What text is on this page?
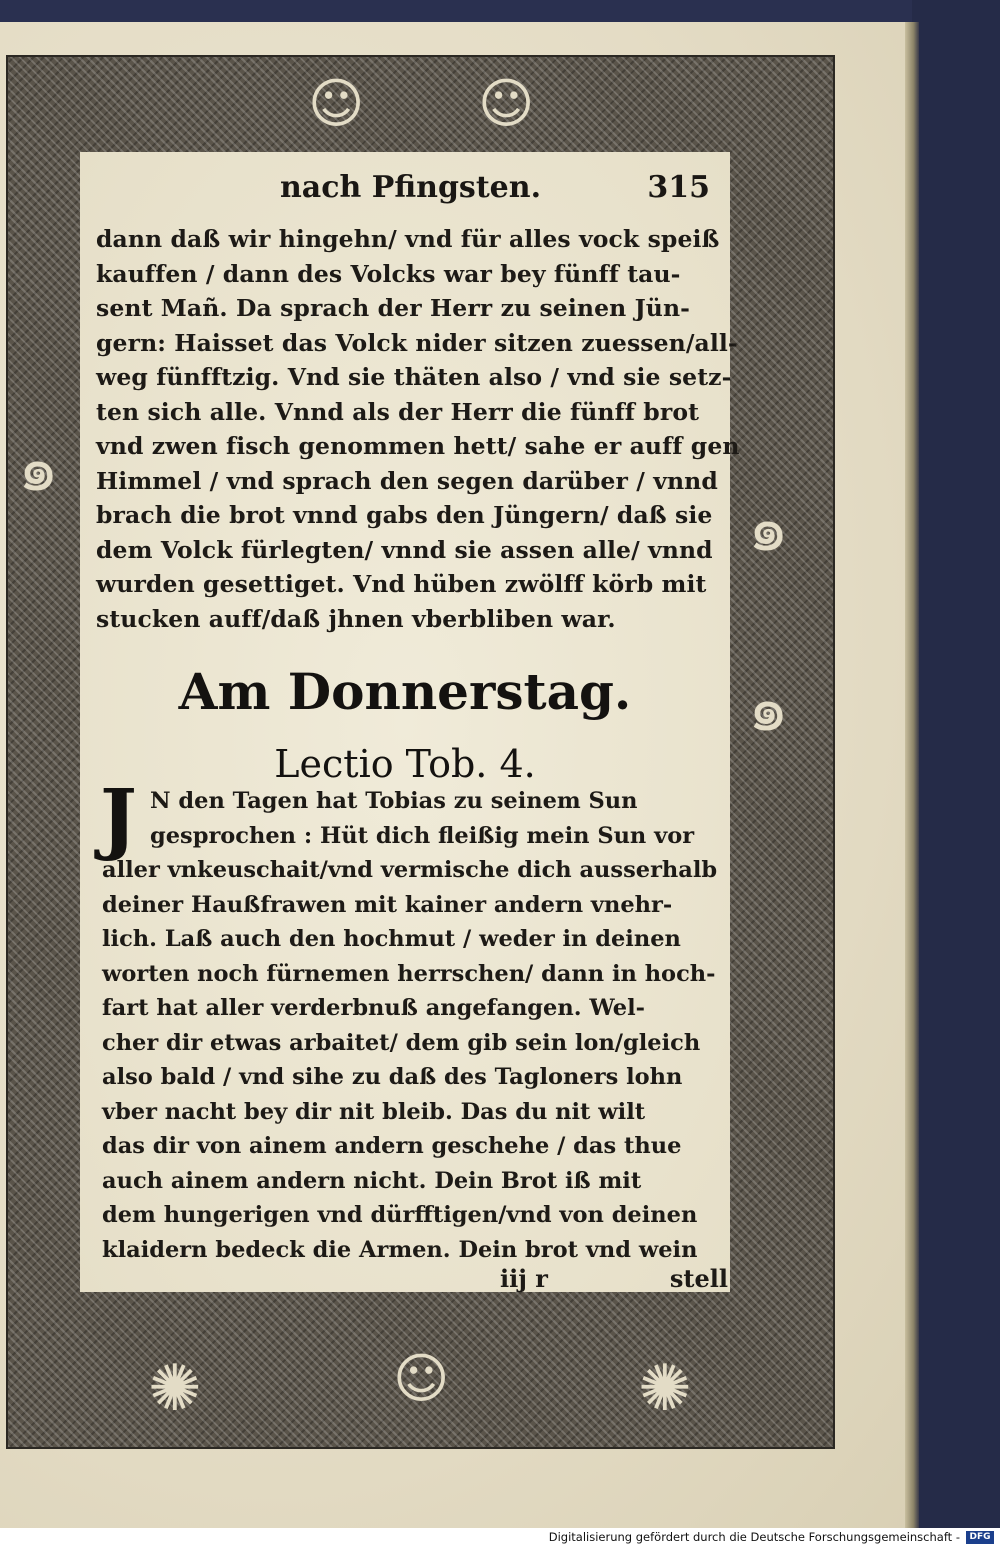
☺ ☺
๑
๑
๑
☺
✺	✺
nach Pfingsten.	315
dann daß wir hingehn/ vnd für alles vock speiß
kauffen / dann des Volcks war bey fünff tau-
sent Mañ. Da sprach der Herr zu seinen Jün-
gern: Haisset das Volck nider sitzen zuessen/all-
weg fünfftzig. Vnd sie thäten also / vnd sie setz-
ten sich alle. Vnnd als der Herr die fünff brot
vnd zwen fisch genommen hett/ sahe er auff gen
Himmel / vnd sprach den segen darüber / vnnd
brach die brot vnnd gabs den Jüngern/ daß sie
dem Volck fürlegten/ vnnd sie assen alle/ vnnd
wurden gesettiget. Vnd hüben zwölff körb mit
stucken auff/daß jhnen vberbliben war.
Am Donnerstag.
Lectio Tob. 4.
J N den Tagen hat Tobias zu seinem Sun
gesprochen : Hüt dich fleißig mein Sun vor
aller vnkeuschait/vnd vermische dich ausserhalb
deiner Haußfrawen mit kainer andern vnehr-
lich. Laß auch den hochmut / weder in deinen
worten noch fürnemen herrschen/ dann in hoch-
fart hat aller verderbnuß angefangen. Wel-
cher dir etwas arbaitet/ dem gib sein lon/gleich
also bald / vnd sihe zu daß des Tagloners lohn
vber nacht bey dir nit bleib. Das du nit wilt
das dir von ainem andern geschehe / das thue
auch ainem andern nicht. Dein Brot iß mit
dem hungerigen vnd dürfftigen/vnd von deinen
klaidern bedeck die Armen. Dein brot vnd wein
iij r	stell
Digitalisierung gefördert durch die Deutsche Forschungsgemeinschaft -	DFG
